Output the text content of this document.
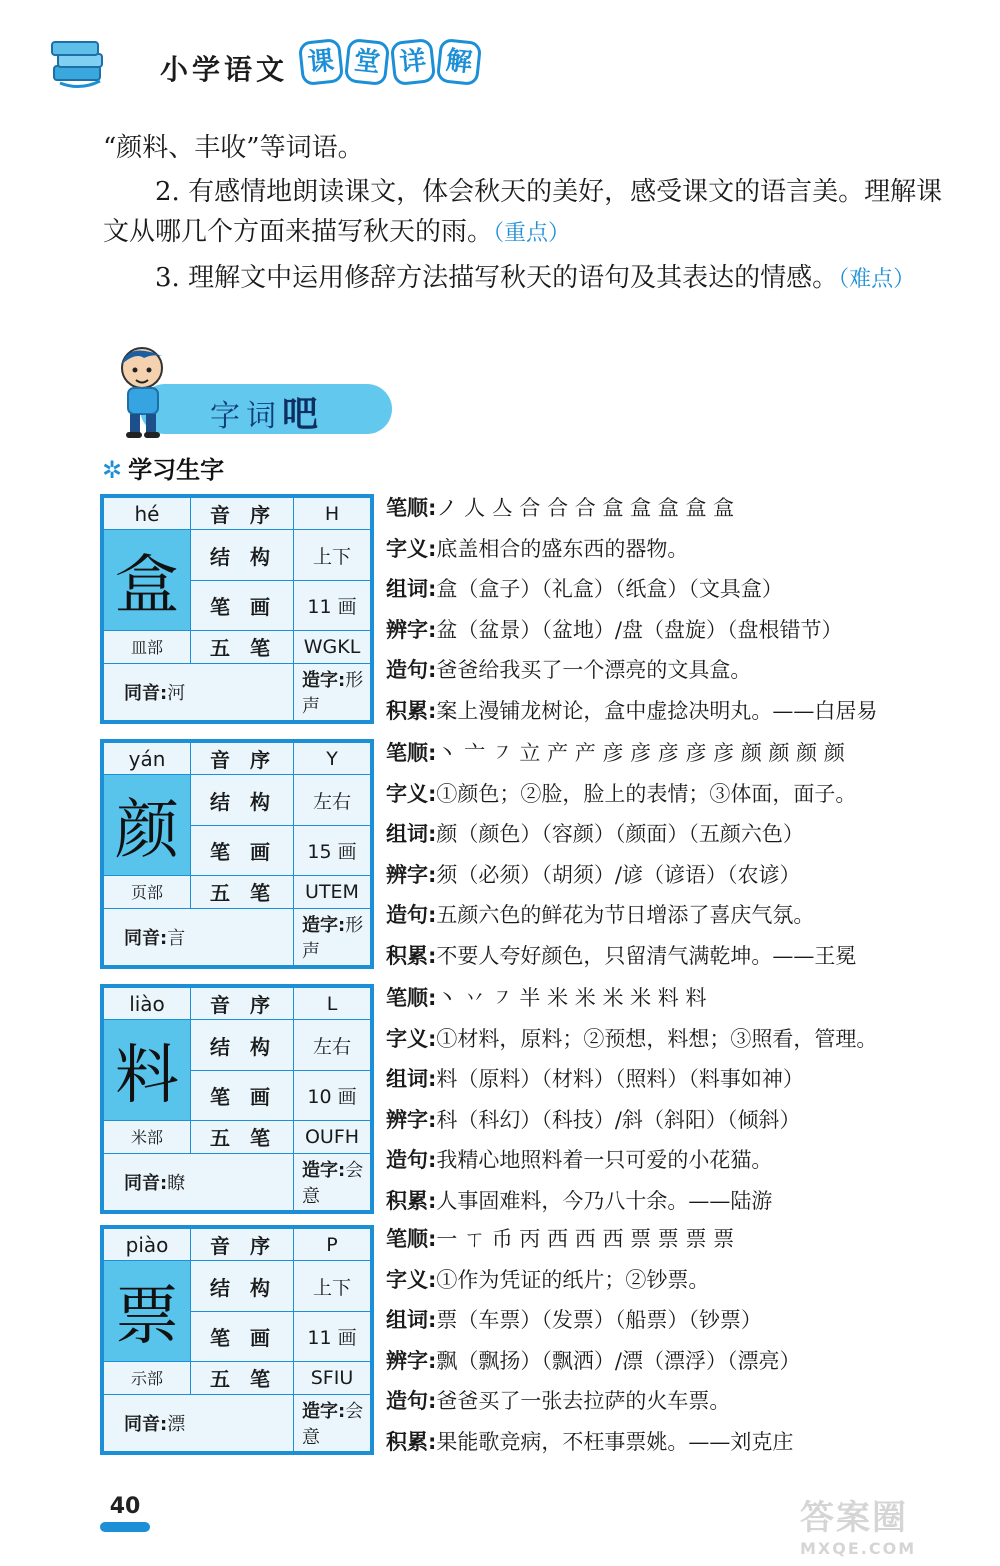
小学语文 课 堂 详 解
“颜料、丰收”等词语。
2. 有感情地朗读课文，体会秋天的美好，感受课文的语言美。理解课文从哪几个方面来描写秋天的雨。（重点）
3. 理解文中运用修辞方法描写秋天的语句及其表达的情感。（难点）
字词吧
✲ 学习生字
hé	音序	H
盒	结构	上下
	笔画	11 画
皿部	五笔	WGKL
同音:河		造字:形声
yán	音序	Y
颜	结构	左右
	笔画	15 画
页部	五笔	UTEM
同音:言		造字:形声
liào	音序	L
料	结构	左右
	笔画	10 画
米部	五笔	OUFH
同音:瞭		造字:会意
piào	音序	P
票	结构	上下
	笔画	11 画
示部	五笔	SFIU
同音:漂		造字:会意
笔顺:ノ 人 亼 合 合 合 盒 盒 盒 盒 盒
字义:底盖相合的盛东西的器物。
组词:盒（盒子）（礼盒）（纸盒）（文具盒）
辨字:盆（盆景）（盆地）/盘（盘旋）（盘根错节）
造句:爸爸给我买了一个漂亮的文具盒。
积累:案上漫铺龙树论，盒中虚捻决明丸。——白居易
笔顺:丶 亠 ㇇ 立 产 产 彦 彦 彦 彦 彦 颜 颜 颜 颜
字义:①颜色；②脸，脸上的表情；③体面，面子。
组词:颜（颜色）（容颜）（颜面）（五颜六色）
辨字:须（必须）（胡须）/谚（谚语）（农谚）
造句:五颜六色的鲜花为节日增添了喜庆气氛。
积累:不要人夸好颜色，只留清气满乾坤。——王冕
笔顺:丶 丷 ㇇ 半 米 米 米 米 料 料
字义:①材料，原料；②预想，料想；③照看，管理。
组词:料（原料）（材料）（照料）（料事如神）
辨字:科（科幻）（科技）/斜（斜阳）（倾斜）
造句:我精心地照料着一只可爱的小花猫。
积累:人事固难料，今乃八十余。——陆游
笔顺:一 ㄒ 币 丙 西 西 西 票 票 票 票
字义:①作为凭证的纸片；②钞票。
组词:票（车票）（发票）（船票）（钞票）
辨字:飘（飘扬）（飘洒）/漂（漂浮）（漂亮）
造句:爸爸买了一张去拉萨的火车票。
积累:果能歌竞病，不枉事票姚。——刘克庄
40	答案圈
MXQE.COM
